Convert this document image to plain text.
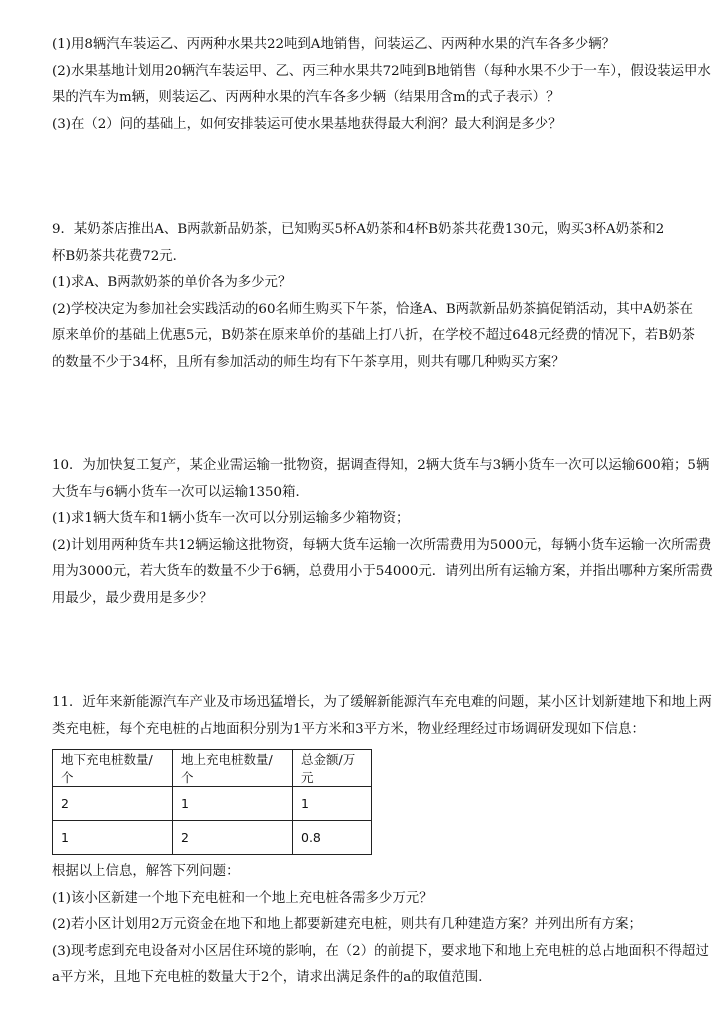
(1)用8辆汽车装运乙、丙两种水果共22吨到A地销售，问装运乙、丙两种水果的汽车各多少辆？
(2)水果基地计划用20辆汽车装运甲、乙、丙三种水果共72吨到B地销售（每种水果不少于一车），假设装运甲水
果的汽车为m辆，则装运乙、丙两种水果的汽车各多少辆（结果用含m的式子表示）？
(3)在（2）问的基础上，如何安排装运可使水果基地获得最大利润？最大利润是多少？
9．某奶茶店推出A、B两款新品奶茶，已知购买5杯A奶茶和4杯B奶茶共花费130元，购买3杯A奶茶和2
杯B奶茶共花费72元．
(1)求A、B两款奶茶的单价各为多少元？
(2)学校决定为参加社会实践活动的60名师生购买下午茶，恰逢A、B两款新品奶茶搞促销活动，其中A奶茶在
原来单价的基础上优惠5元，B奶茶在原来单价的基础上打八折，在学校不超过648元经费的情况下，若B奶茶
的数量不少于34杯，且所有参加活动的师生均有下午茶享用，则共有哪几种购买方案？
10．为加快复工复产，某企业需运输一批物资，据调查得知，2辆大货车与3辆小货车一次可以运输600箱；5辆
大货车与6辆小货车一次可以运输1350箱．
(1)求1辆大货车和1辆小货车一次可以分别运输多少箱物资；
(2)计划用两种货车共12辆运输这批物资，每辆大货车运输一次所需费用为5000元，每辆小货车运输一次所需费
用为3000元，若大货车的数量不少于6辆，总费用小于54000元．请列出所有运输方案，并指出哪种方案所需费
用最少，最少费用是多少？
11．近年来新能源汽车产业及市场迅猛增长，为了缓解新能源汽车充电难的问题，某小区计划新建地下和地上两
类充电桩，每个充电桩的占地面积分别为1平方米和3平方米，物业经理经过市场调研发现如下信息：
地下充电桩数量/个	地上充电桩数量/个	总金额/万元
2	1	1
1	2	0.8
根据以上信息，解答下列问题：
(1)该小区新建一个地下充电桩和一个地上充电桩各需多少万元？
(2)若小区计划用2万元资金在地下和地上都要新建充电桩，则共有几种建造方案？并列出所有方案；
(3)现考虑到充电设备对小区居住环境的影响，在（2）的前提下，要求地下和地上充电桩的总占地面积不得超过
a平方米，且地下充电桩的数量大于2个，请求出满足条件的a的取值范围．
